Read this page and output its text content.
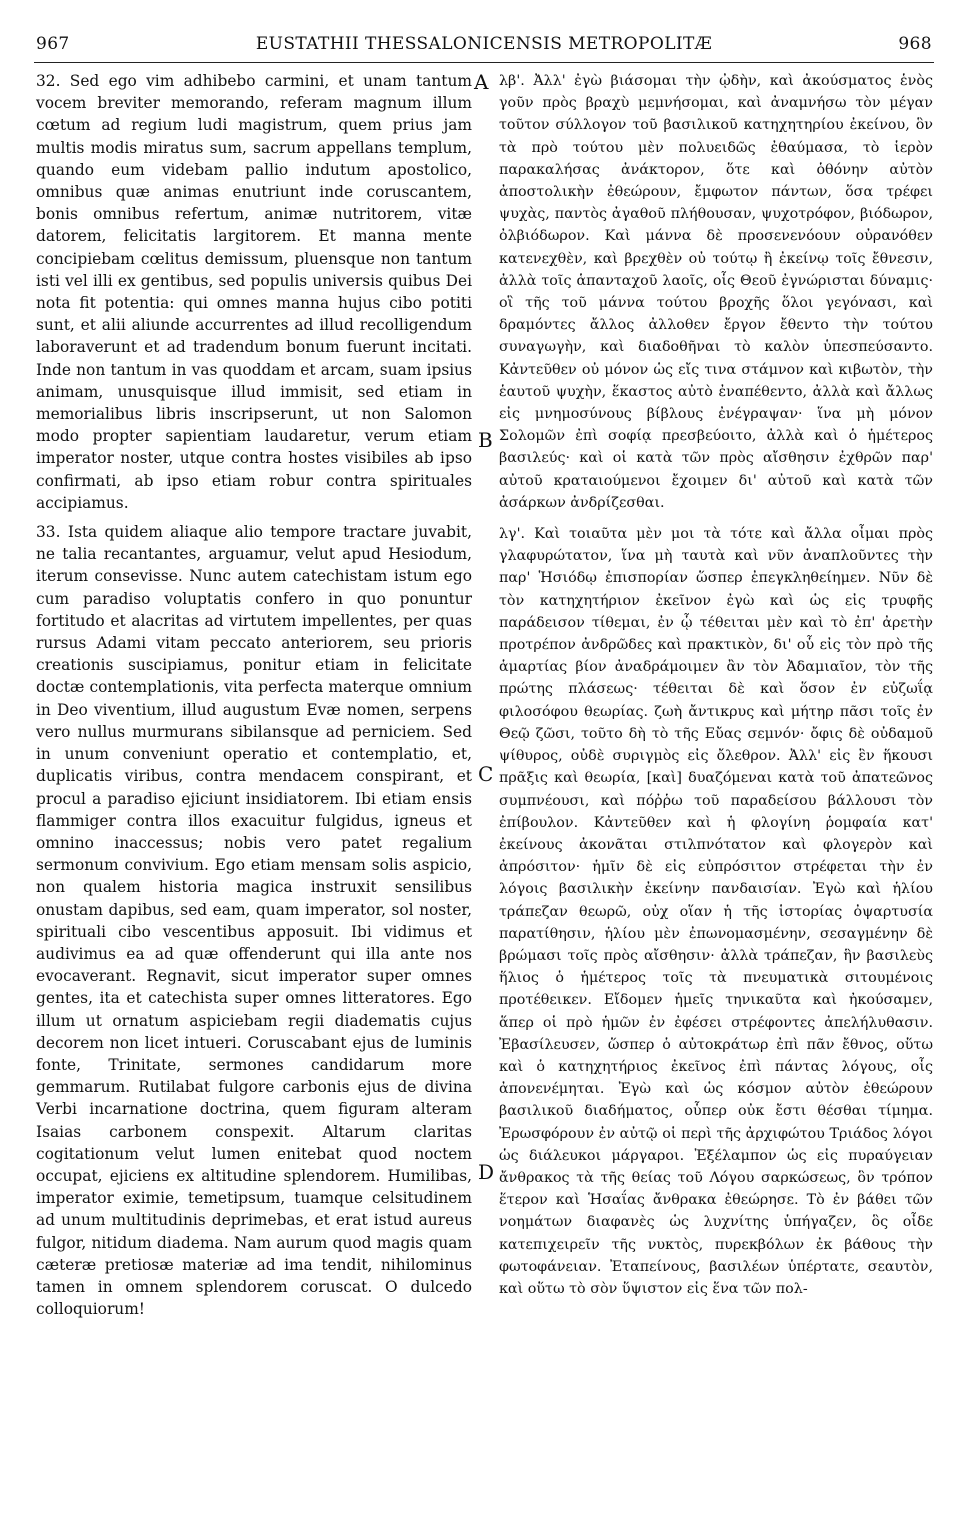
967	EUSTATHII THESSALONICENSIS METROPOLITÆ	968

32. Sed ego vim adhibebo carmini, et unam tantum vocem breviter memorando, referam magnum illum cœtum ad regium ludi magistrum, quem prius jam multis modis miratus sum, sacrum appellans templum, quando eum videbam pallio indutum apostolico, omnibus quæ animas enutriunt inde coruscantem, bonis omnibus refertum, animæ nutritorem, vitæ datorem, felicitatis largitorem. Et manna mente concipiebam cœlitus demissum, pluensque non tantum isti vel illi ex gentibus, sed populis universis quibus Dei nota fit potentia: qui omnes manna hujus cibo potiti sunt, et alii aliunde accurrentes ad illud recolligendum laboraverunt et ad tradendum bonum fuerunt incitati. Inde non tantum in vas quoddam et arcam, suam ipsius animam, unusquisque illud immisit, sed etiam in memorialibus libris inscripserunt, ut non Salomon modo propter sapientiam laudaretur, verum etiam imperator noster, utque contra hostes visibiles ab ipso confirmati, ab ipso etiam robur contra spirituales accipiamus.

33. Ista quidem aliaque alio tempore tractare juvabit, ne talia recantantes, arguamur, velut apud Hesiodum, iterum consevisse. Nunc autem catechistam istum ego cum paradiso voluptatis confero in quo ponuntur fortitudo et alacritas ad virtutem impellentes, per quas rursus Adami vitam peccato anteriorem, seu prioris creationis suscipiamus, ponitur etiam in felicitate doctæ contemplationis, vita perfecta materque omnium in Deo viventium, illud augustum Evæ nomen, serpens vero nullus murmurans sibilansque ad perniciem. Sed in unum conveniunt operatio et contemplatio, et, duplicatis viribus, contra mendacem conspirant, et procul a paradiso ejiciunt insidiatorem. Ibi etiam ensis flammiger contra illos exacuitur fulgidus, igneus et omnino inaccessus; nobis vero patet regalium sermonum convivium. Ego etiam mensam solis aspicio, non qualem historia magica instruxit sensilibus onustam dapibus, sed eam, quam imperator, sol noster, spirituali cibo vescentibus apposuit. Ibi vidimus et audivimus ea ad quæ offenderunt qui illa ante nos evocaverant. Regnavit, sicut imperator super omnes gentes, ita et catechista super omnes litteratores. Ego illum ut ornatum aspiciebam regii diadematis cujus decorem non licet intueri. Coruscabant ejus de luminis fonte, Trinitate, sermones candidarum more gemmarum. Rutilabat fulgore carbonis ejus de divina Verbi incarnatione doctrina, quem figuram alteram Isaias carbonem conspexit. Altarum claritas cogitationum velut lumen enitebat quod noctem occupat, ejiciens ex altitudine splendorem. Humilibas, imperator eximie, temetipsum, tuamque celsitudinem ad unum multitudinis deprimebas, et erat istud aureus fulgor, nitidum diadema. Nam aurum quod magis quam cæteræ pretiosæ materiæ ad ima tendit, nihilominus tamen in omnem splendorem coruscat. O dulcedo colloquiorum!

A
B
C
D

λβ'. Ἀλλ' ἐγὼ βιάσομαι τὴν ᾠδὴν, καὶ ἀκούσματος ἑνὸς γοῦν πρὸς βραχὺ μεμνήσομαι, καὶ ἀναμνήσω τὸν μέγαν τοῦτον σύλλογον τοῦ βασιλικοῦ κατηχητηρίου ἐκείνου, ὃν τὰ πρὸ τούτου μὲν πολυειδῶς ἐθαύμασα, τὸ ἱερὸν παρακαλήσας ἀνάκτορον, ὅτε καὶ ὁθόνην αὐτὸν ἀποστολικὴν ἐθεώρουν, ἔμφωτον πάντων, ὅσα τρέφει ψυχὰς, παντὸς ἀγαθοῦ πλήθουσαν, ψυχοτρόφον, βιόδωρον, ὀλβιόδωρον. Καὶ μάννα δὲ προσενενόουν οὐρανόθεν κατενεχθὲν, καὶ βρεχθὲν οὐ τούτῳ ἢ ἐκείνῳ τοῖς ἔθνεσιν, ἀλλὰ τοῖς ἁπανταχοῦ λαοῖς, οἷς Θεοῦ ἐγνώρισται δύναμις· οἳ τῆς τοῦ μάννα τούτου βροχῆς ὅλοι γεγόνασι, καὶ δραμόντες ἄλλος ἀλλοθεν ἔργον ἔθεντο τὴν τούτου συναγωγὴν, καὶ διαδοθῆναι τὸ καλὸν ὑπεσπεύσαντο. Κἀντεῦθεν οὐ μόνον ὡς εἴς τινα στάμνον καὶ κιβωτὸν, τὴν ἑαυτοῦ ψυχὴν, ἕκαστος αὐτὸ ἐναπέθεντο, ἀλλὰ καὶ ἄλλως εἰς μνημοσύνους βίβλους ἐνέγραψαν· ἵνα μὴ μόνον Σολομῶν ἐπὶ σοφίᾳ πρεσβεύοιτο, ἀλλὰ καὶ ὁ ἡμέτερος βασιλεύς· καὶ οἱ κατὰ τῶν πρὸς αἴσθησιν ἐχθρῶν παρ' αὐτοῦ κραταιούμενοι ἔχοιμεν δι' αὐτοῦ καὶ κατὰ τῶν ἀσάρκων ἀνδρίζεσθαι.

λγ'. Καὶ τοιαῦτα μὲν μοι τὰ τότε καὶ ἄλλα οἶμαι πρὸς γλαφυρώτατον, ἵνα μὴ ταυτὰ καὶ νῦν ἀναπλοῦντες τὴν παρ' Ἡσιόδῳ ἐπισπορίαν ὥσπερ ἐπεγκληθείημεν. Νῦν δὲ τὸν κατηχητήριον ἐκεῖνον ἐγὼ καὶ ὡς εἰς τρυφῆς παράδεισον τίθεμαι, ἐν ᾧ τέθειται μὲν καὶ τὸ ἐπ' ἀρετὴν προτρέπον ἀνδρῶδες καὶ πρακτικὸν, δι' οὗ εἰς τὸν πρὸ τῆς ἁμαρτίας βίον ἀναδράμοιμεν ἂν τὸν Ἀδαμιαῖον, τὸν τῆς πρώτης πλάσεως· τέθειται δὲ καὶ ὅσον ἐν εὐζωΐᾳ φιλοσόφου θεωρίας. ζωὴ ἄντικρυς καὶ μήτηρ πᾶσι τοῖς ἐν Θεῷ ζῶσι, τοῦτο δὴ τὸ τῆς Εὔας σεμνόν· ὄφις δὲ οὐδαμοῦ ψίθυρος, οὐδὲ συριγμὸς εἰς ὄλεθρον. Ἀλλ' εἰς ἓν ἥκουσι πρᾶξις καὶ θεωρία, [καὶ] δυαζόμεναι κατὰ τοῦ ἀπατεῶνος συμπνέουσι, καὶ πόῤῥω τοῦ παραδείσου βάλλουσι τὸν ἐπίβουλον. Κἀντεῦθεν καὶ ἡ φλογίνη ῥομφαία κατ' ἐκείνους ἀκονᾶται στιλπνότατον καὶ φλογερὸν καὶ ἀπρόσιτον· ἡμῖν δὲ εἰς εὐπρόσιτον στρέφεται τὴν ἐν λόγοις βασιλικὴν ἐκείνην πανδαισίαν. Ἐγὼ καὶ ἡλίου τράπεζαν θεωρῶ, οὐχ οἵαν ἡ τῆς ἱστορίας ὀψαρτυσία παρατίθησιν, ἡλίου μὲν ἐπωνομασμένην, σεσαγμένην δὲ βρώμασι τοῖς πρὸς αἴσθησιν· ἀλλὰ τράπεζαν, ἣν βασιλεὺς ἥλιος ὁ ἡμέτερος τοῖς τὰ πνευματικὰ σιτουμένοις προτέθεικεν. Εἴδομεν ἡμεῖς τηνικαῦτα καὶ ἠκούσαμεν, ἅπερ οἱ πρὸ ἡμῶν ἐν ἐφέσει στρέφοντες ἀπελήλυθασιν. Ἐβασίλευσεν, ὥσπερ ὁ αὐτοκράτωρ ἐπὶ πᾶν ἔθνος, οὕτω καὶ ὁ κατηχητήριος ἐκεῖνος ἐπὶ πάντας λόγους, οἷς ἀπονενέμηται. Ἐγὼ καὶ ὡς κόσμον αὐτὸν ἐθεώρουν βασιλικοῦ διαδήματος, οὗπερ οὐκ ἔστι θέσθαι τίμημα. Ἐρωσφόρουν ἐν αὐτῷ οἱ περὶ τῆς ἀρχιφώτου Τριάδος λόγοι ὡς διάλευκοι μάργαροι. Ἐξέλαμπον ὡς εἰς πυραύγειαν ἄνθρακος τὰ τῆς θείας τοῦ Λόγου σαρκώσεως, ὃν τρόπον ἕτερον καὶ Ἡσαΐας ἄνθρακα ἐθεώρησε. Τὸ ἐν βάθει τῶν νοημάτων διαφανὲς ὡς λυχνίτης ὑπήγαζεν, ὃς οἶδε κατεπιχειρεῖν τῆς νυκτὸς, πυρεκβόλων ἐκ βάθους τὴν φωτοφάνειαν. Ἐταπείνους, βασιλέων ὑπέρτατε, σεαυτὸν, καὶ οὕτω τὸ σὸν ὕψιστον εἰς ἕνα τῶν πολ-
